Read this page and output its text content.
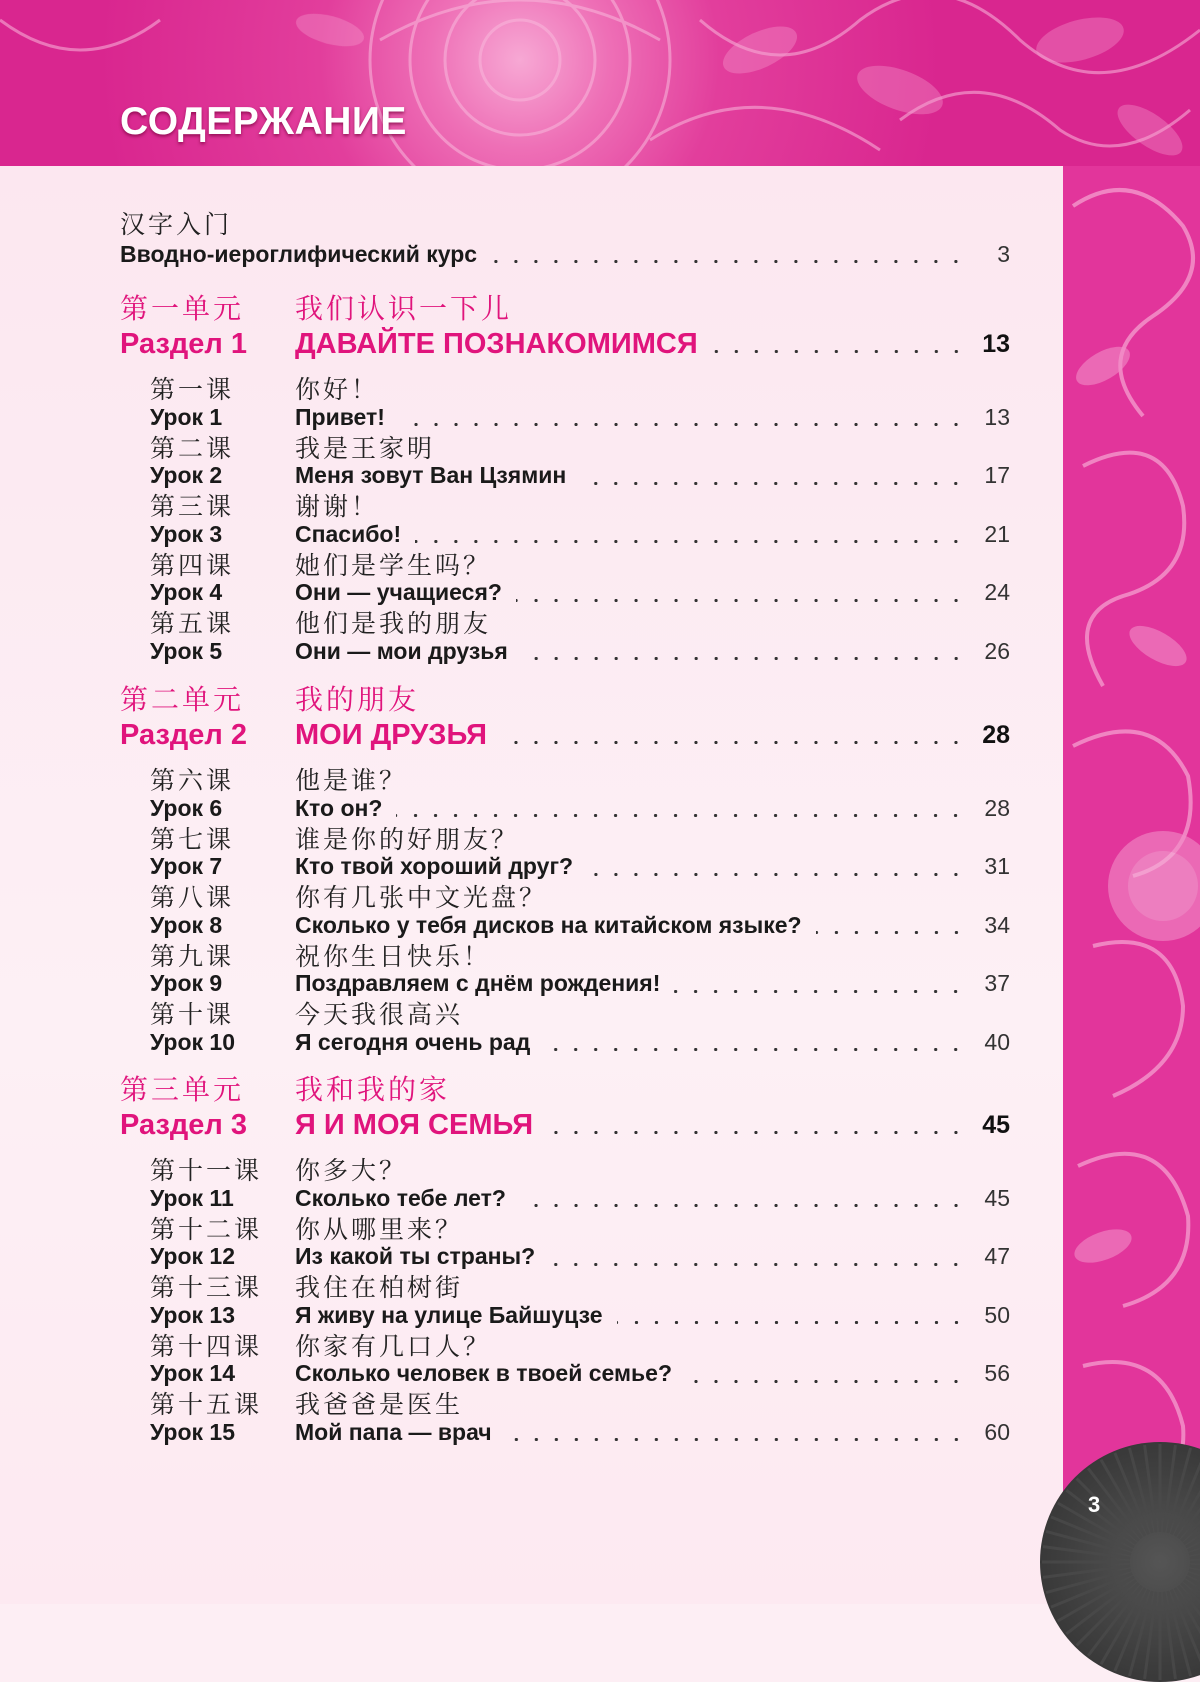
СОДЕРЖАНИЕ
汉字入门
Вводно-иероглифический курс	3
第一单元	我们认识一下儿
Раздел 1	ДАВАЙТЕ ПОЗНАКОМИМСЯ	13
第一课	你好！
Урок 1	Привет!	13
第二课	我是王家明
Урок 2	Меня зовут Ван Цзямин	17
第三课	谢谢！
Урок 3	Спасибо!	21
第四课	她们是学生吗？
Урок 4	Они — учащиеся?	24
第五课	他们是我的朋友
Урок 5	Они — мои друзья	26
第二单元	我的朋友
Раздел 2	МОИ ДРУЗЬЯ	28
第六课	他是谁？
Урок 6	Кто он?	28
第七课	谁是你的好朋友？
Урок 7	Кто твой хороший друг?	31
第八课	你有几张中文光盘？
Урок 8	Сколько у тебя дисков на китайском языке?	34
第九课	祝你生日快乐！
Урок 9	Поздравляем с днём рождения!	37
第十课	今天我很高兴
Урок 10	Я сегодня очень рад	40
第三单元	我和我的家
Раздел 3	Я И МОЯ СЕМЬЯ	45
第十一课	你多大？
Урок 11	Сколько тебе лет?	45
第十二课	你从哪里来？
Урок 12	Из какой ты страны?	47
第十三课	我住在柏树街
Урок 13	Я живу на улице Байшуцзе	50
第十四课	你家有几口人？
Урок 14	Сколько человек в твоей семье?	56
第十五课	我爸爸是医生
Урок 15	Мой папа — врач	60
3
